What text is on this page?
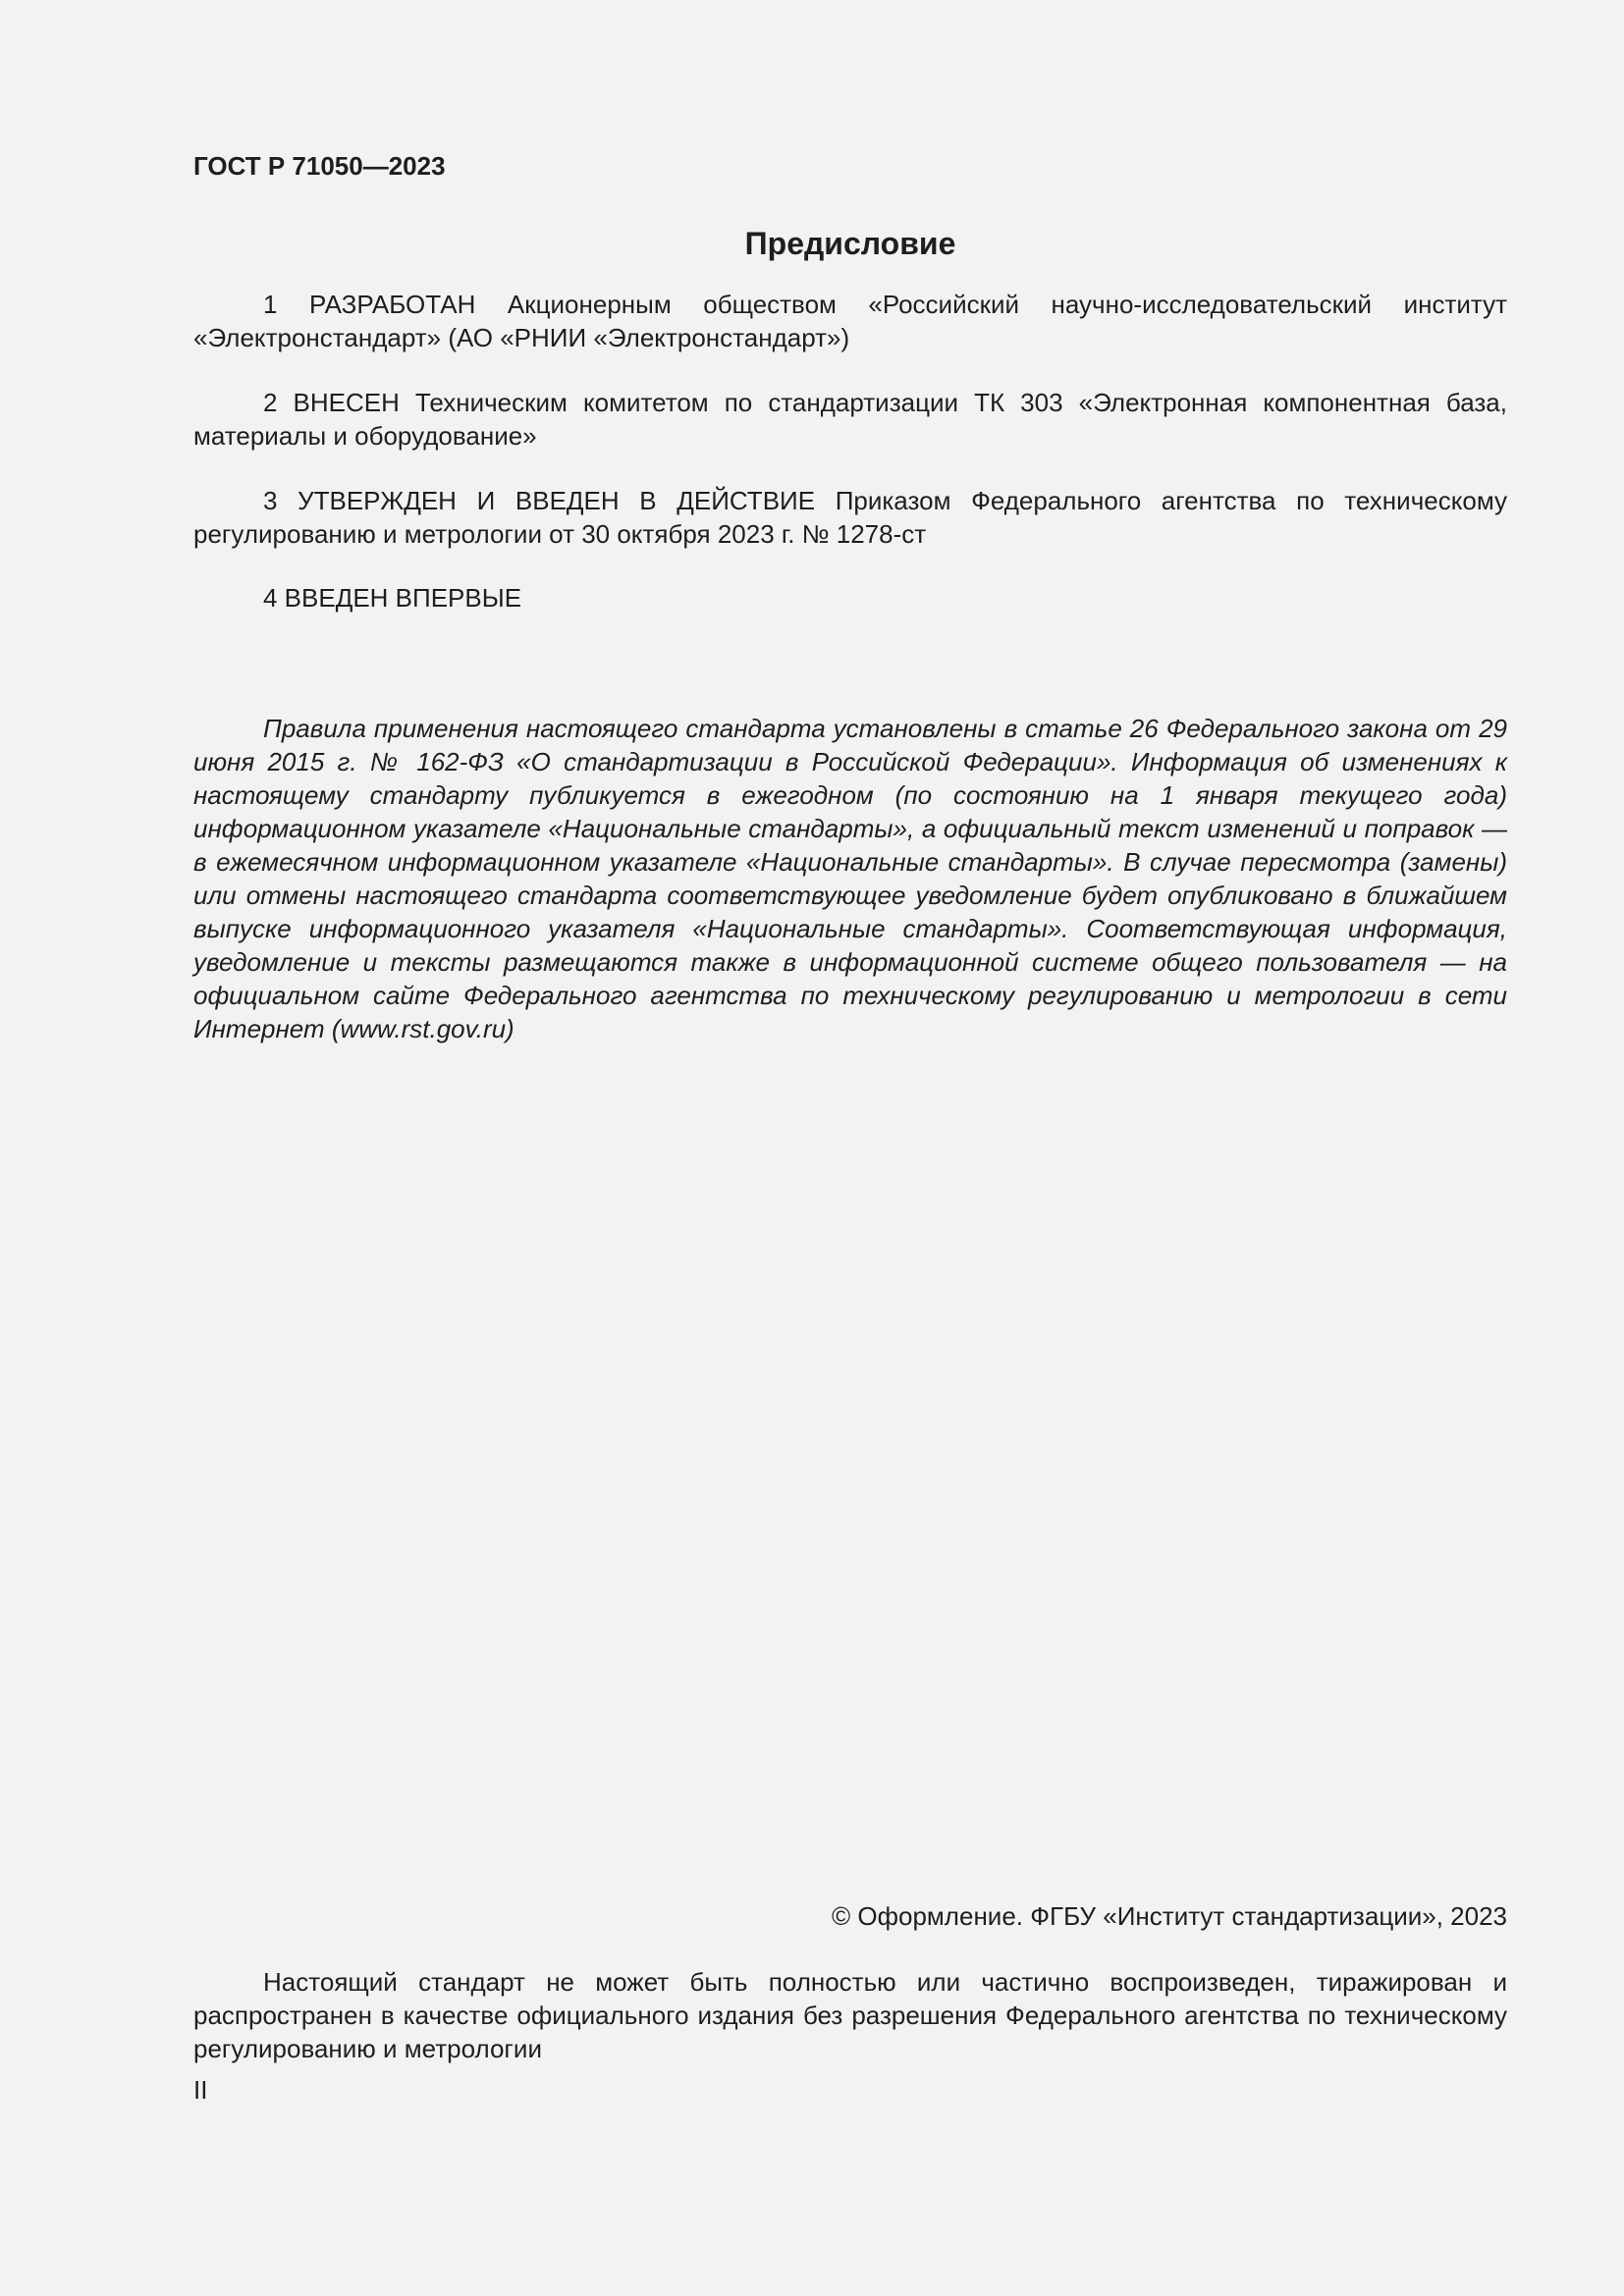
ГОСТ Р 71050—2023

Предисловие

1 РАЗРАБОТАН Акционерным обществом «Российский научно-исследовательский институт «Электронстандарт» (АО «РНИИ «Электронстандарт»)

2 ВНЕСЕН Техническим комитетом по стандартизации ТК 303 «Электронная компонентная база, материалы и оборудование»

3 УТВЕРЖДЕН И ВВЕДЕН В ДЕЙСТВИЕ Приказом Федерального агентства по техническому регулированию и метрологии от 30 октября 2023 г. № 1278-ст

4 ВВЕДЕН ВПЕРВЫЕ

Правила применения настоящего стандарта установлены в статье 26 Федерального закона от 29 июня 2015 г. № 162-ФЗ «О стандартизации в Российской Федерации». Информация об изменениях к настоящему стандарту публикуется в ежегодном (по состоянию на 1 января текущего года) информационном указателе «Национальные стандарты», а официальный текст изменений и поправок — в ежемесячном информационном указателе «Национальные стандарты». В случае пересмотра (замены) или отмены настоящего стандарта соответствующее уведомление будет опубликовано в ближайшем выпуске информационного указателя «Национальные стандарты». Соответствующая информация, уведомление и тексты размещаются также в информационной системе общего пользователя — на официальном сайте Федерального агентства по техническому регулированию и метрологии в сети Интернет (www.rst.gov.ru)

© Оформление. ФГБУ «Институт стандартизации», 2023

Настоящий стандарт не может быть полностью или частично воспроизведен, тиражирован и распространен в качестве официального издания без разрешения Федерального агентства по техническому регулированию и метрологии

II
